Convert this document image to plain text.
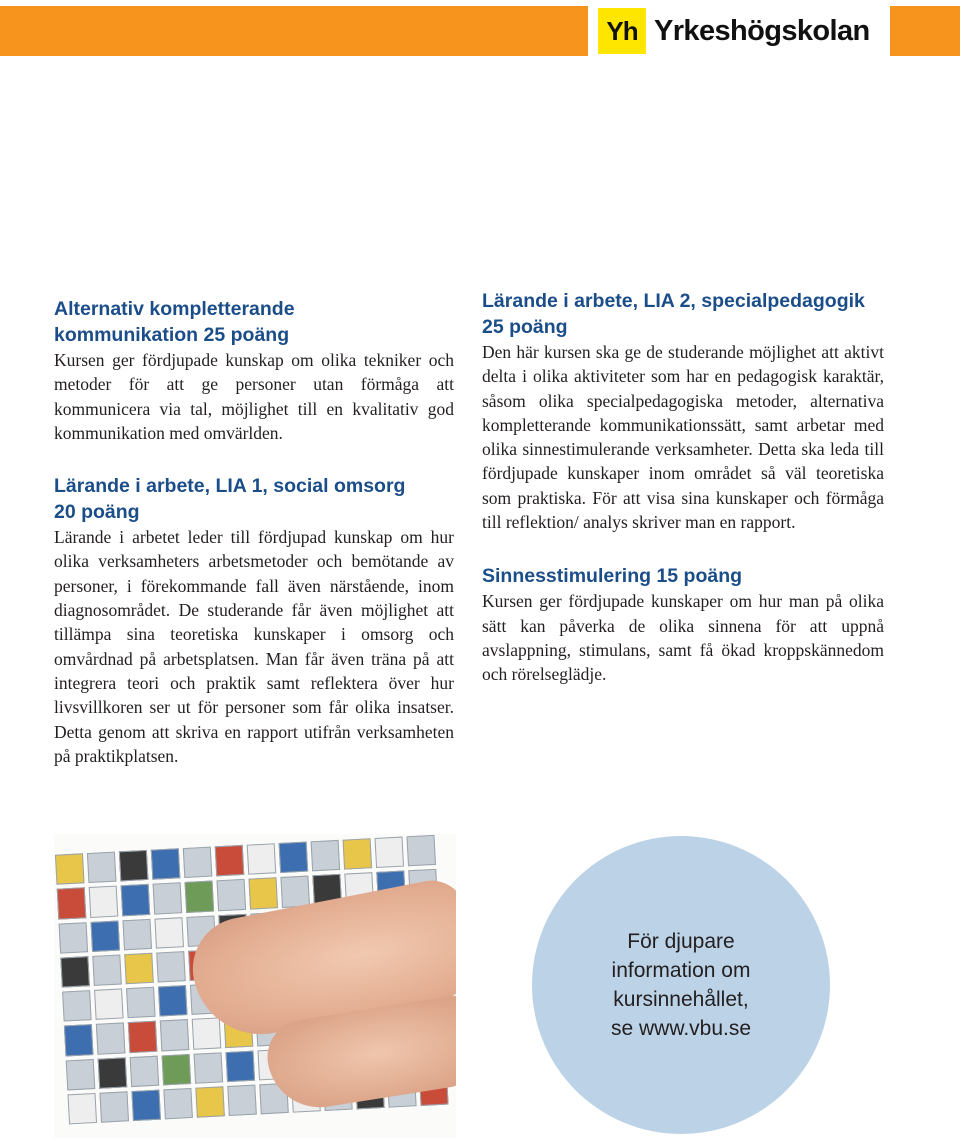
Yh Yrkeshögskolan
Alternativ kompletterande
kommunikation 25 poäng

Kursen ger fördjupade kunskap om olika tekniker och metoder för att ge personer utan förmåga att kommunicera via tal, möjlighet till en kvalitativ god kommunikation med omvärlden.

Lärande i arbete, LIA 1, social omsorg
20 poäng

Lärande i arbetet leder till fördjupad kunskap om hur olika verksamheters arbetsmetoder och bemötande av personer, i förekommande fall även närstående, inom diagnosområdet. De studerande får även möjlighet att tillämpa sina teoretiska kunskaper i omsorg och omvårdnad på arbetsplatsen. Man får även träna på att integrera teori och praktik samt reflektera över hur livsvillkoren ser ut för personer som får olika insatser. Detta genom att skriva en rapport utifrån verksamheten på praktikplatsen.

Lärande i arbete, LIA 2, specialpedagogik
25 poäng

Den här kursen ska ge de studerande möjlighet att aktivt delta i olika aktiviteter som har en pedagogisk karaktär, såsom olika specialpedagogiska metoder, alternativa kompletterande kommunikationssätt, samt arbetar med olika sinnestimulerande verksamheter. Detta ska leda till fördjupade kunskaper inom området så väl teoretiska som praktiska. För att visa sina kunskaper och förmåga till reflektion/ analys skriver man en rapport.

Sinnesstimulering 15 poäng

Kursen ger fördjupade kunskaper om hur man på olika sätt kan påverka de olika sinnena för att uppnå avslappning, stimulans, samt få ökad kroppskännedom och rörelseglädje.

För djupare
information om
kursinnehållet,
se www.vbu.se
